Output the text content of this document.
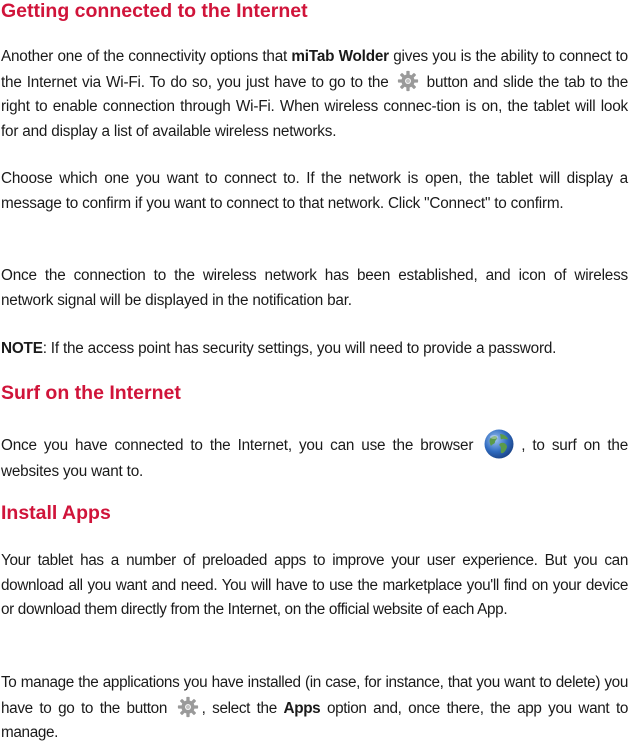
Getting connected to the Internet

Another one of the connectivity options that miTab Wolder gives you is the ability to connect to the Internet via Wi-Fi. To do so, you just have to go to the  button and slide the tab to the right to enable connection through Wi-Fi. When wireless connec-tion is on, the tablet will look for and display a list of available wireless networks.

Choose which one you want to connect to. If the network is open, the tablet will display a message to confirm if you want to connect to that network. Click "Connect" to confirm.

Once the connection to the wireless network has been established, and icon of wireless network signal will be displayed in the notification bar.

NOTE: If the access point has security settings, you will need to provide a password.

Surf on the Internet

Once you have connected to the Internet, you can use the browser	, to surf on the websites you want to.

Install Apps

Your tablet has a number of preloaded apps to improve your user experience. But you can download all you want and need. You will have to use the marketplace you'll find on your device or download them directly from the Internet, on the official website of each App.

To manage the applications you have installed (in case, for instance, that you want to delete) you have to go to the button , select the Apps option and, once there, the app you want to manage.
